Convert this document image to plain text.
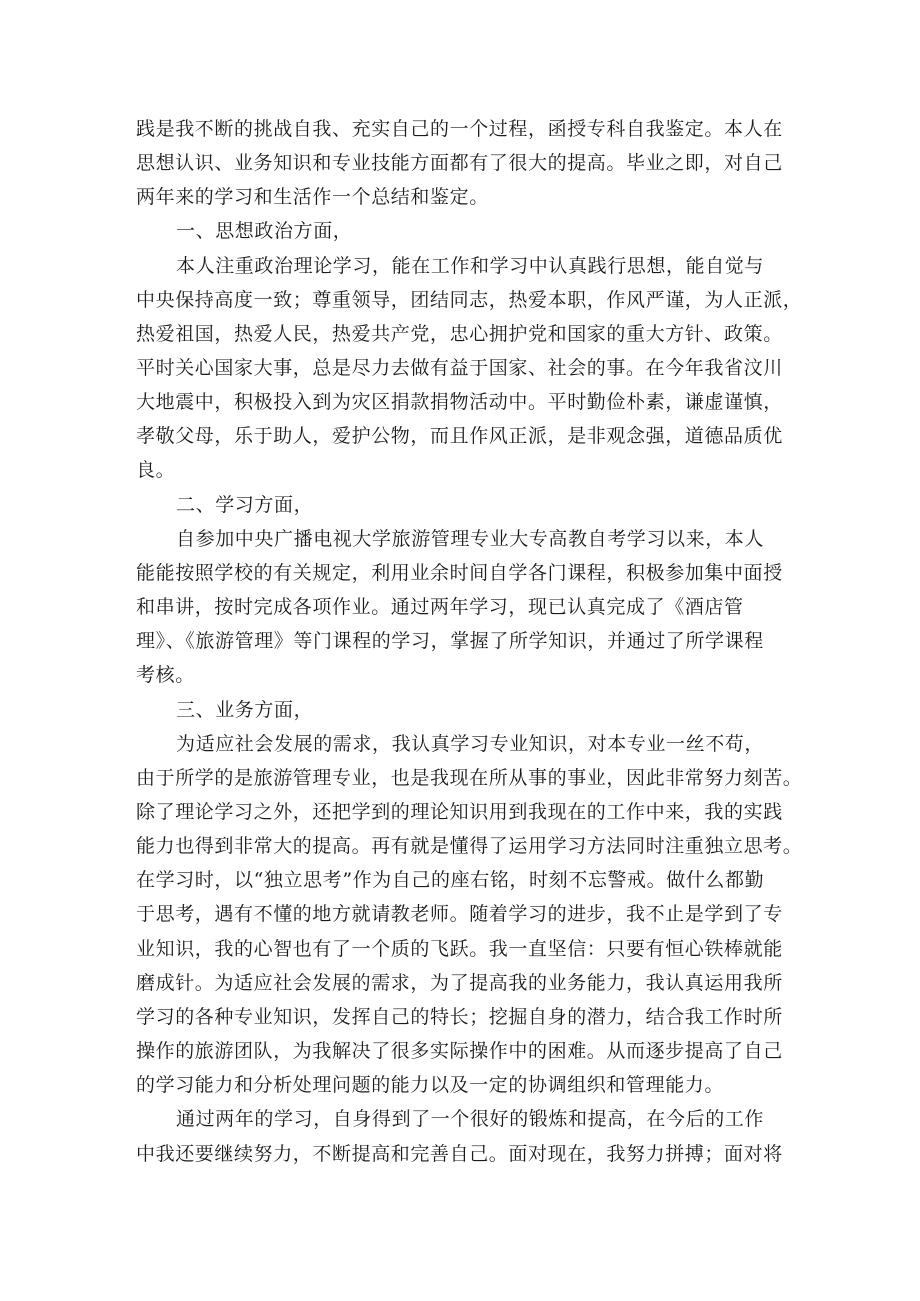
践是我不断的挑战自我、充实自己的一个过程，函授专科自我鉴定。本人在
思想认识、业务知识和专业技能方面都有了很大的提高。毕业之即，对自己
两年来的学习和生活作一个总结和鉴定。
一、思想政治方面，
本人注重政治理论学习，能在工作和学习中认真践行思想，能自觉与
中央保持高度一致；尊重领导，团结同志，热爱本职，作风严谨，为人正派，
热爱祖国，热爱人民，热爱共产党，忠心拥护党和国家的重大方针、政策。
平时关心国家大事，总是尽力去做有益于国家、社会的事。在今年我省汶川
大地震中，积极投入到为灾区捐款捐物活动中。平时勤俭朴素，谦虚谨慎，
孝敬父母，乐于助人，爱护公物，而且作风正派，是非观念强，道德品质优
良。
二、学习方面，
自参加中央广播电视大学旅游管理专业大专高教自考学习以来，本人
能能按照学校的有关规定，利用业余时间自学各门课程，积极参加集中面授
和串讲，按时完成各项作业。通过两年学习，现已认真完成了《酒店管
理》、《旅游管理》等门课程的学习，掌握了所学知识，并通过了所学课程
考核。
三、业务方面，
为适应社会发展的需求，我认真学习专业知识，对本专业一丝不苟，
由于所学的是旅游管理专业，也是我现在所从事的事业，因此非常努力刻苦。
除了理论学习之外，还把学到的理论知识用到我现在的工作中来，我的实践
能力也得到非常大的提高。再有就是懂得了运用学习方法同时注重独立思考。
在学习时，以“独立思考”作为自己的座右铭，时刻不忘警戒。做什么都勤
于思考，遇有不懂的地方就请教老师。随着学习的进步，我不止是学到了专
业知识，我的心智也有了一个质的飞跃。我一直坚信：只要有恒心铁棒就能
磨成针。为适应社会发展的需求，为了提高我的业务能力，我认真运用我所
学习的各种专业知识，发挥自己的特长；挖掘自身的潜力，结合我工作时所
操作的旅游团队，为我解决了很多实际操作中的困难。从而逐步提高了自己
的学习能力和分析处理问题的能力以及一定的协调组织和管理能力。
通过两年的学习，自身得到了一个很好的锻炼和提高，在今后的工作
中我还要继续努力，不断提高和完善自己。面对现在，我努力拼搏；面对将
